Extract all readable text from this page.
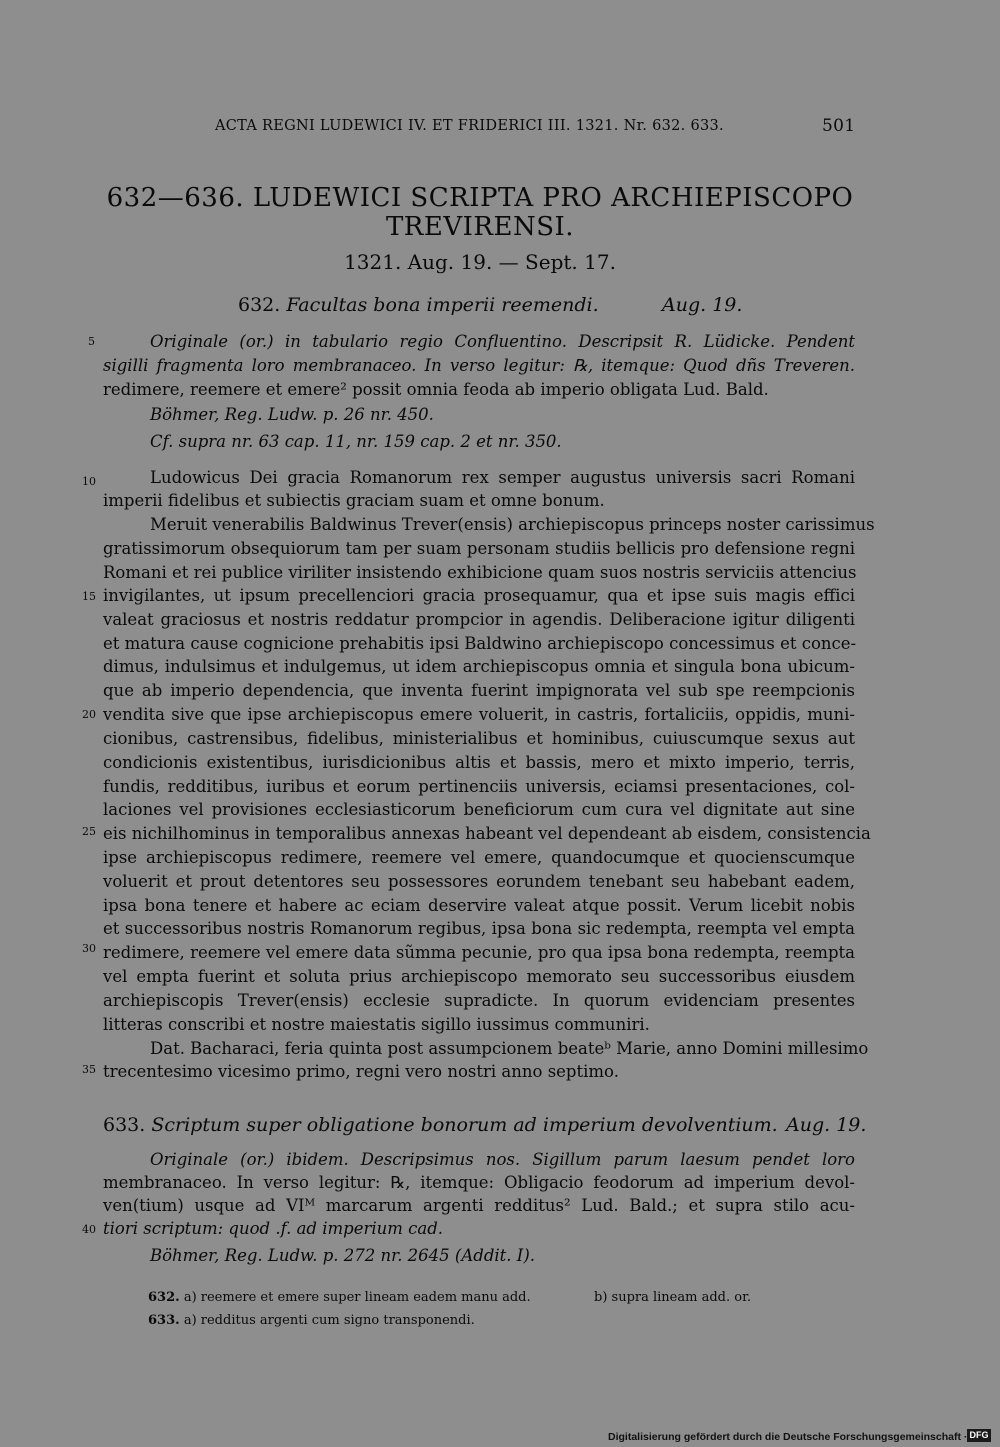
ACTA REGNI LUDEWICI IV. ET FRIDERICI III. 1321. Nr. 632. 633.	501
632—636. LUDEWICI SCRIPTA PRO ARCHIEPISCOPO
TREVIRENSI.
1321. Aug. 19. — Sept. 17.
632. Facultas bona imperii reemendi.	Aug. 19.
Originale (or.) in tabulario regio Confluentino. Descripsit R. Lüdicke. Pendent
sigilli fragmenta loro membranaceo. In verso legitur: ℞, itemque: Quod dñs Treveren.
redimere, reemere et emere² possit omnia feoda ab imperio obligata Lud. Bald.
Böhmer, Reg. Ludw. p. 26 nr. 450.
Cf. supra nr. 63 cap. 11, nr. 159 cap. 2 et nr. 350.
Ludowicus Dei gracia Romanorum rex semper augustus universis sacri Romani
imperii fidelibus et subiectis graciam suam et omne bonum.
Meruit venerabilis Baldwinus Trever(ensis) archiepiscopus princeps noster carissimus
gratissimorum obsequiorum tam per suam personam studiis bellicis pro defensione regni
Romani et rei publice viriliter insistendo exhibicione quam suos nostris serviciis attencius
invigilantes, ut ipsum precellenciori gracia prosequamur, qua et ipse suis magis effici
valeat graciosus et nostris reddatur prompcior in agendis. Deliberacione igitur diligenti
et matura cause cognicione prehabitis ipsi Baldwino archiepiscopo concessimus et conce-
dimus, indulsimus et indulgemus, ut idem archiepiscopus omnia et singula bona ubicum-
que ab imperio dependencia, que inventa fuerint impignorata vel sub spe reempcionis
vendita sive que ipse archiepiscopus emere voluerit, in castris, fortaliciis, oppidis, muni-
cionibus, castrensibus, fidelibus, ministerialibus et hominibus, cuiuscumque sexus aut
condicionis existentibus, iurisdicionibus altis et bassis, mero et mixto imperio, terris,
fundis, redditibus, iuribus et eorum pertinenciis universis, eciamsi presentaciones, col-
laciones vel provisiones ecclesiasticorum beneficiorum cum cura vel dignitate aut sine
eis nichilhominus in temporalibus annexas habeant vel dependeant ab eisdem, consistencia
ipse archiepiscopus redimere, reemere vel emere, quandocumque et quocienscumque
voluerit et prout detentores seu possessores eorundem tenebant seu habebant eadem,
ipsa bona tenere et habere ac eciam deservire valeat atque possit. Verum licebit nobis
et successoribus nostris Romanorum regibus, ipsa bona sic redempta, reempta vel empta
redimere, reemere vel emere data sũmma pecunie, pro qua ipsa bona redempta, reempta
vel empta fuerint et soluta prius archiepiscopo memorato seu successoribus eiusdem
archiepiscopis Trever(ensis) ecclesie supradicte. In quorum evidenciam presentes
litteras conscribi et nostre maiestatis sigillo iussimus communiri.
Dat. Bacharaci, feria quinta post assumpcionem beateᵇ Marie, anno Domini millesimo
trecentesimo vicesimo primo, regni vero nostri anno septimo.
633. Scriptum super obligatione bonorum ad imperium devolventium. Aug. 19.
Originale (or.) ibidem. Descripsimus nos. Sigillum parum laesum pendet loro
membranaceo. In verso legitur: ℞, itemque: Obligacio feodorum ad imperium devol-
ven(tium) usque ad VIᴹ marcarum argenti redditus² Lud. Bald.; et supra stilo acu-
tiori scriptum: quod .f. ad imperium cad.
Böhmer, Reg. Ludw. p. 272 nr. 2645 (Addit. I).
5
10
15
20
25
30
35
40
632. a) reemere et emere super lineam eadem manu add.	b) supra lineam add. or.
633. a) redditus argenti cum signo transponendi.
Digitalisierung gefördert durch die Deutsche Forschungsgemeinschaft · DFG
